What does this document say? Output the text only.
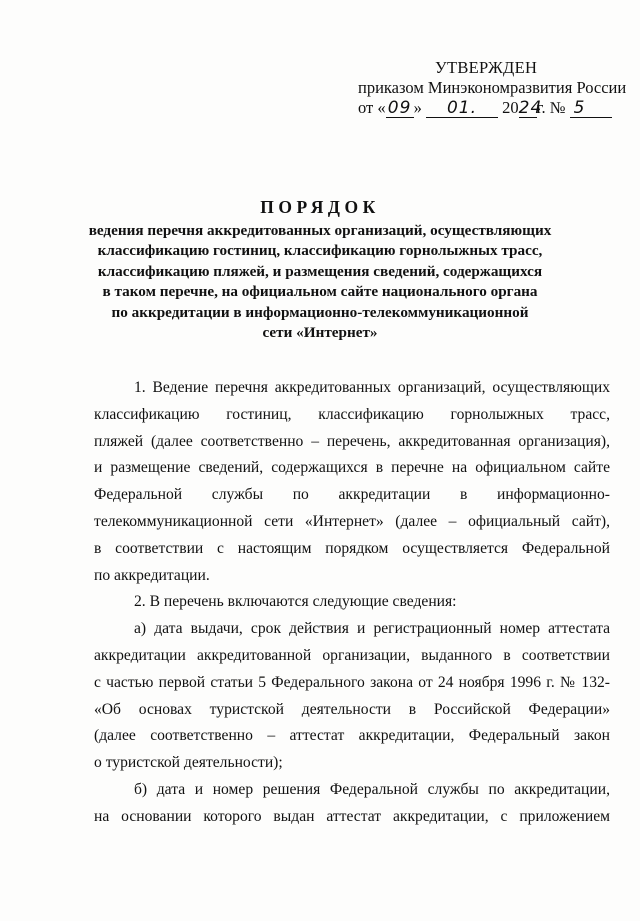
УТВЕРЖДЕН
приказом Минэкономразвития России
от « 09 » 01. 2024г. № 5
ПОРЯДОК
ведения перечня аккредитованных организаций, осуществляющих
классификацию гостиниц, классификацию горнолыжных трасс,
классификацию пляжей, и размещения сведений, содержащихся
в таком перечне, на официальном сайте национального органа
по аккредитации в информационно-телекоммуникационной
сети «Интернет»
1. Ведение перечня аккредитованных организаций, осуществляющих
классификацию гостиниц, классификацию горнолыжных трасс,
пляжей (далее соответственно – перечень, аккредитованная организация),
и размещение сведений, содержащихся в перечне на официальном сайте
Федеральной службы по аккредитации в информационно-
телекоммуникационной сети «Интернет» (далее – официальный сайт),
в соответствии с настоящим порядком осуществляется Федеральной
по аккредитации.
2. В перечень включаются следующие сведения:
а) дата выдачи, срок действия и регистрационный номер аттестата
аккредитации аккредитованной организации, выданного в соответствии
с частью первой статьи 5 Федерального закона от 24 ноября 1996 г. № 132-
«Об основах туристской деятельности в Российской Федерации»
(далее соответственно – аттестат аккредитации, Федеральный закон
о туристской деятельности);
б) дата и номер решения Федеральной службы по аккредитации,
на основании которого выдан аттестат аккредитации, с приложением
